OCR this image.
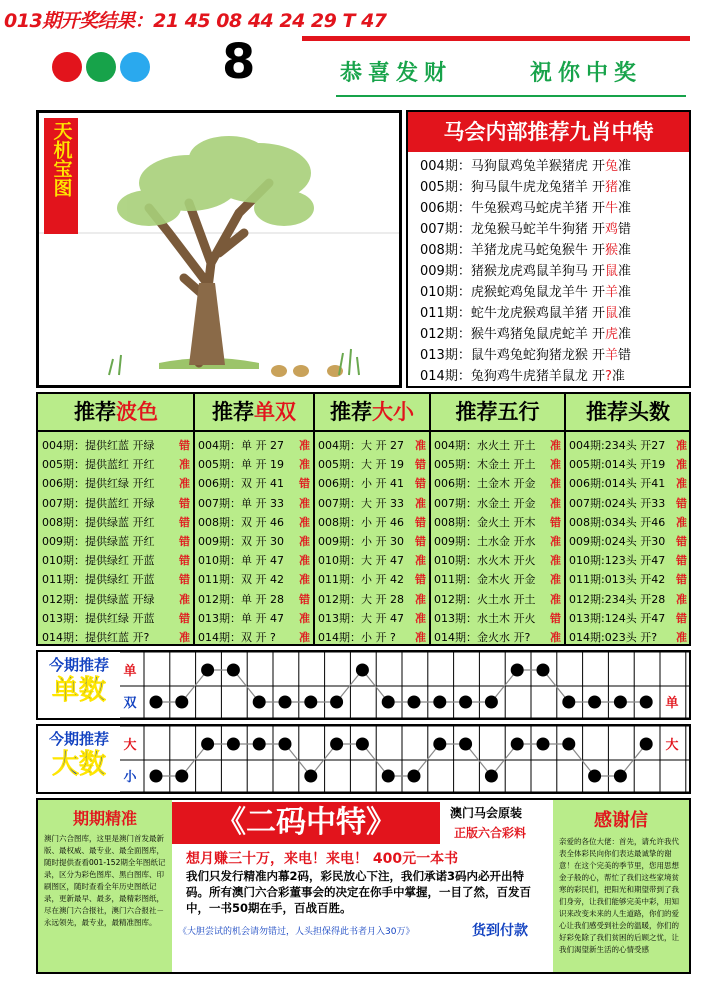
013期开奖结果：21 45 08 44 24 29 T 47
8	恭喜发财	祝你中奖
天机宝图	马会内部推荐九肖中特
004期：马狗鼠鸡兔羊猴猪虎 开兔准
005期：狗马鼠牛虎龙兔猪羊 开猪准
006期：牛兔猴鸡马蛇虎羊猪 开牛准
007期：龙兔猴马蛇羊牛狗猪 开鸡错
008期：羊猪龙虎马蛇兔猴牛 开猴准
009期：猪猴龙虎鸡鼠羊狗马 开鼠准
010期：虎猴蛇鸡兔鼠龙羊牛 开羊准
011期：蛇牛龙虎猴鸡鼠羊猪 开鼠准
012期：猴牛鸡猪兔鼠虎蛇羊 开虎准
013期：鼠牛鸡兔蛇狗猪龙猴 开羊错
014期：兔狗鸡牛虎猪羊鼠龙 开?准
推荐波色
004期：提供红蓝 开绿 错
005期：提供蓝红 开红 准
006期：提供红绿 开红 准
007期：提供蓝红 开绿 错
008期：提供绿蓝 开红 错
009期：提供绿蓝 开红 错
010期：提供绿红 开蓝 错
011期：提供绿红 开蓝 错
012期：提供绿蓝 开绿 准
013期：提供红绿 开蓝 错
014期：提供红蓝 开?	准
推荐单双
004期：单 开 27 准
005期：单 开 19 准
006期：双 开 41 错
007期：单 开 33 准
008期：双 开 46 准
009期：双 开 30 准
010期：单 开 47 准
011期：双 开 42 准
012期：单 开 28 错
013期：单 开 47 准
014期：双 开 ? 准
推荐大小
004期：大 开 27 准
005期：大 开 19 错
006期：小 开 41 错
007期：大 开 33 准
008期：小 开 46 错
009期：小 开 30 错
010期：大 开 47 准
011期：小 开 42 错
012期：大 开 28 准
013期：大 开 47 准
014期：小 开 ? 准
推荐五行
004期：水火土 开土 准
005期：木金土 开土 准
006期：土金木 开金 准
007期：水金土 开金 准
008期：金火土 开木 错
009期：土水金 开水 准
010期：水火木 开火 准
011期：金木火 开金 准
012期：火土水 开土 准
013期：水土木 开火 错
014期：金火水 开? 准
推荐头数
004期:234头 开27 准
005期:014头 开19 准
006期:014头 开41 准
007期:024头 开33 错
008期:034头 开46 准
009期:024头 开30 错
010期:123头 开47 错
011期:013头 开42 错
012期:234头 开28 准
013期:124头 开47 错
014期:023头 开? 准
今期推荐
单数
单
双	单
今期推荐
大数
大
小
大
期期精准
澳门六合图库，这里是澳门首发最新版、最权威、最专业、最全面图库，随时提供查看001-152期全年图纸记录，区分为彩色图库、黑白图库、印刷图区，随时查看全年历史图纸记录，更新最早、最多，最精彩图纸，尽在澳门六合报社，澳门六合报社－永远领先，最专业，最精准图库。
《二码中特》	澳门马会原装
正版六合彩料
想月赚三十万，来电！来电！ 400元一本书
我们只发行精准内幕2码，彩民放心下注，我们承诺3码内必开出特码。所有澳门六合彩董事会的决定在你手中掌握，一目了然，百发百中，一书50期在手，百战百胜。
《大胆尝试的机会请勿错过，人头担保得此书者月入30万》	货到付款
感谢信
亲爱的各位大佬：首先，请允许我代表全体彩民向你们表达最诚挚的谢意！在这个完美的季节里，您用思想金子般的心，帮忙了我们这些家境贫寒的彩民们，把阳光和期望带到了我们身旁，让我们能够完美中彩，用知识来改变未来的人生道路，你们的爱心让我们感受到社会的温暖，你们的好彩免除了我们贫困的后顾之忧，让我们渴望新生活的心情受感
